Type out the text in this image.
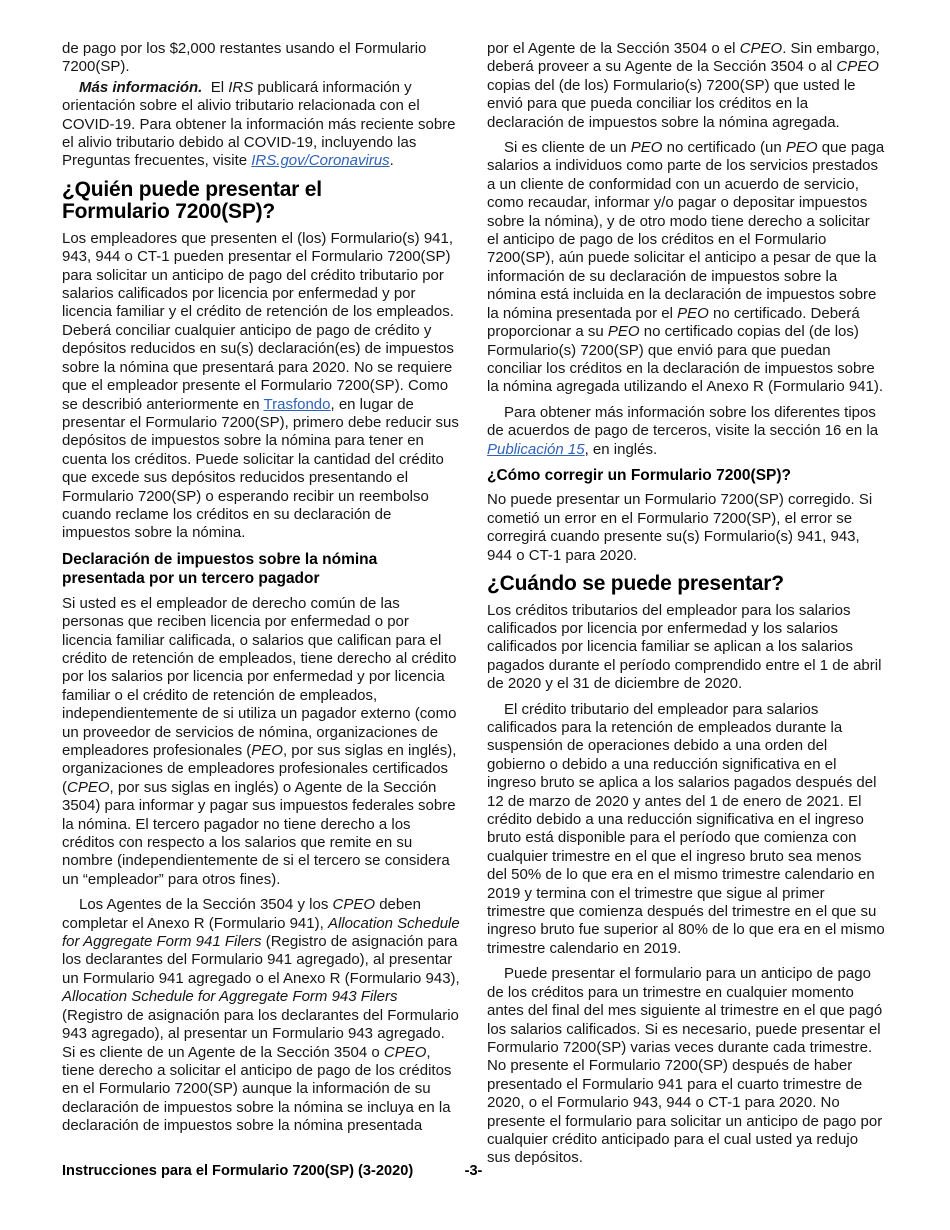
de pago por los $2,000 restantes usando el Formulario 7200(SP).

Más información.  El IRS publicará información y orientación sobre el alivio tributario relacionada con el COVID-19. Para obtener la información más reciente sobre el alivio tributario debido al COVID-19, incluyendo las Preguntas frecuentes, visite IRS.gov/Coronavirus.

¿Quién puede presentar el
Formulario 7200(SP)?

Los empleadores que presenten el (los) Formulario(s) 941, 943, 944 o CT-1 pueden presentar el Formulario 7200(SP) para solicitar un anticipo de pago del crédito tributario por salarios calificados por licencia por enfermedad y por licencia familiar y el crédito de retención de los empleados. Deberá conciliar cualquier anticipo de pago de crédito y depósitos reducidos en su(s) declaración(es) de impuestos sobre la nómina que presentará para 2020. No se requiere que el empleador presente el Formulario 7200(SP). Como se describió anteriormente en Trasfondo, en lugar de presentar el Formulario 7200(SP), primero debe reducir sus depósitos de impuestos sobre la nómina para tener en cuenta los créditos. Puede solicitar la cantidad del crédito que excede sus depósitos reducidos presentando el Formulario 7200(SP) o esperando recibir un reembolso cuando reclame los créditos en su declaración de impuestos sobre la nómina.

Declaración de impuestos sobre la nómina presentada por un tercero pagador

Si usted es el empleador de derecho común de las personas que reciben licencia por enfermedad o por licencia familiar calificada, o salarios que califican para el crédito de retención de empleados, tiene derecho al crédito por los salarios por licencia por enfermedad y por licencia familiar o el crédito de retención de empleados, independientemente de si utiliza un pagador externo (como un proveedor de servicios de nómina, organizaciones de empleadores profesionales (PEO, por sus siglas en inglés), organizaciones de empleadores profesionales certificados (CPEO, por sus siglas en inglés) o Agente de la Sección 3504) para informar y pagar sus impuestos federales sobre la nómina. El tercero pagador no tiene derecho a los créditos con respecto a los salarios que remite en su nombre (independientemente de si el tercero se considera un “empleador” para otros fines).

Los Agentes de la Sección 3504 y los CPEO deben completar el Anexo R (Formulario 941), Allocation Schedule for Aggregate Form 941 Filers (Registro de asignación para los declarantes del Formulario 941 agregado), al presentar un Formulario 941 agregado o el Anexo R (Formulario 943), Allocation Schedule for Aggregate Form 943 Filers (Registro de asignación para los declarantes del Formulario 943 agregado), al presentar un Formulario 943 agregado. Si es cliente de un Agente de la Sección 3504 o CPEO, tiene derecho a solicitar el anticipo de pago de los créditos en el Formulario 7200(SP) aunque la información de su declaración de impuestos sobre la nómina se incluya en la declaración de impuestos sobre la nómina presentada

por el Agente de la Sección 3504 o el CPEO. Sin embargo, deberá proveer a su Agente de la Sección 3504 o al CPEO copias del (de los) Formulario(s) 7200(SP) que usted le envió para que pueda conciliar los créditos en la declaración de impuestos sobre la nómina agregada.

Si es cliente de un PEO no certificado (un PEO que paga salarios a individuos como parte de los servicios prestados a un cliente de conformidad con un acuerdo de servicio, como recaudar, informar y/o pagar o depositar impuestos sobre la nómina), y de otro modo tiene derecho a solicitar el anticipo de pago de los créditos en el Formulario 7200(SP), aún puede solicitar el anticipo a pesar de que la información de su declaración de impuestos sobre la nómina está incluida en la declaración de impuestos sobre la nómina presentada por el PEO no certificado. Deberá proporcionar a su PEO no certificado copias del (de los) Formulario(s) 7200(SP) que envió para que puedan conciliar los créditos en la declaración de impuestos sobre la nómina agregada utilizando el Anexo R (Formulario 941).

Para obtener más información sobre los diferentes tipos de acuerdos de pago de terceros, visite la sección 16 en la Publicación 15, en inglés.

¿Cómo corregir un Formulario 7200(SP)?

No puede presentar un Formulario 7200(SP) corregido. Si cometió un error en el Formulario 7200(SP), el error se corregirá cuando presente su(s) Formulario(s) 941, 943, 944 o CT-1 para 2020.

¿Cuándo se puede presentar?

Los créditos tributarios del empleador para los salarios calificados por licencia por enfermedad y los salarios calificados por licencia familiar se aplican a los salarios pagados durante el período comprendido entre el 1 de abril de 2020 y el 31 de diciembre de 2020.

El crédito tributario del empleador para salarios calificados para la retención de empleados durante la suspensión de operaciones debido a una orden del gobierno o debido a una reducción significativa en el ingreso bruto se aplica a los salarios pagados después del 12 de marzo de 2020 y antes del 1 de enero de 2021. El crédito debido a una reducción significativa en el ingreso bruto está disponible para el período que comienza con cualquier trimestre en el que el ingreso bruto sea menos del 50% de lo que era en el mismo trimestre calendario en 2019 y termina con el trimestre que sigue al primer trimestre que comienza después del trimestre en el que su ingreso bruto fue superior al 80% de lo que era en el mismo trimestre calendario en 2019.

Puede presentar el formulario para un anticipo de pago de los créditos para un trimestre en cualquier momento antes del final del mes siguiente al trimestre en el que pagó los salarios calificados. Si es necesario, puede presentar el Formulario 7200(SP) varias veces durante cada trimestre. No presente el Formulario 7200(SP) después de haber presentado el Formulario 941 para el cuarto trimestre de 2020, o el Formulario 943, 944 o CT-1 para 2020. No presente el formulario para solicitar un anticipo de pago por cualquier crédito anticipado para el cual usted ya redujo sus depósitos.

Instrucciones para el Formulario 7200(SP) (3-2020)	-3-
